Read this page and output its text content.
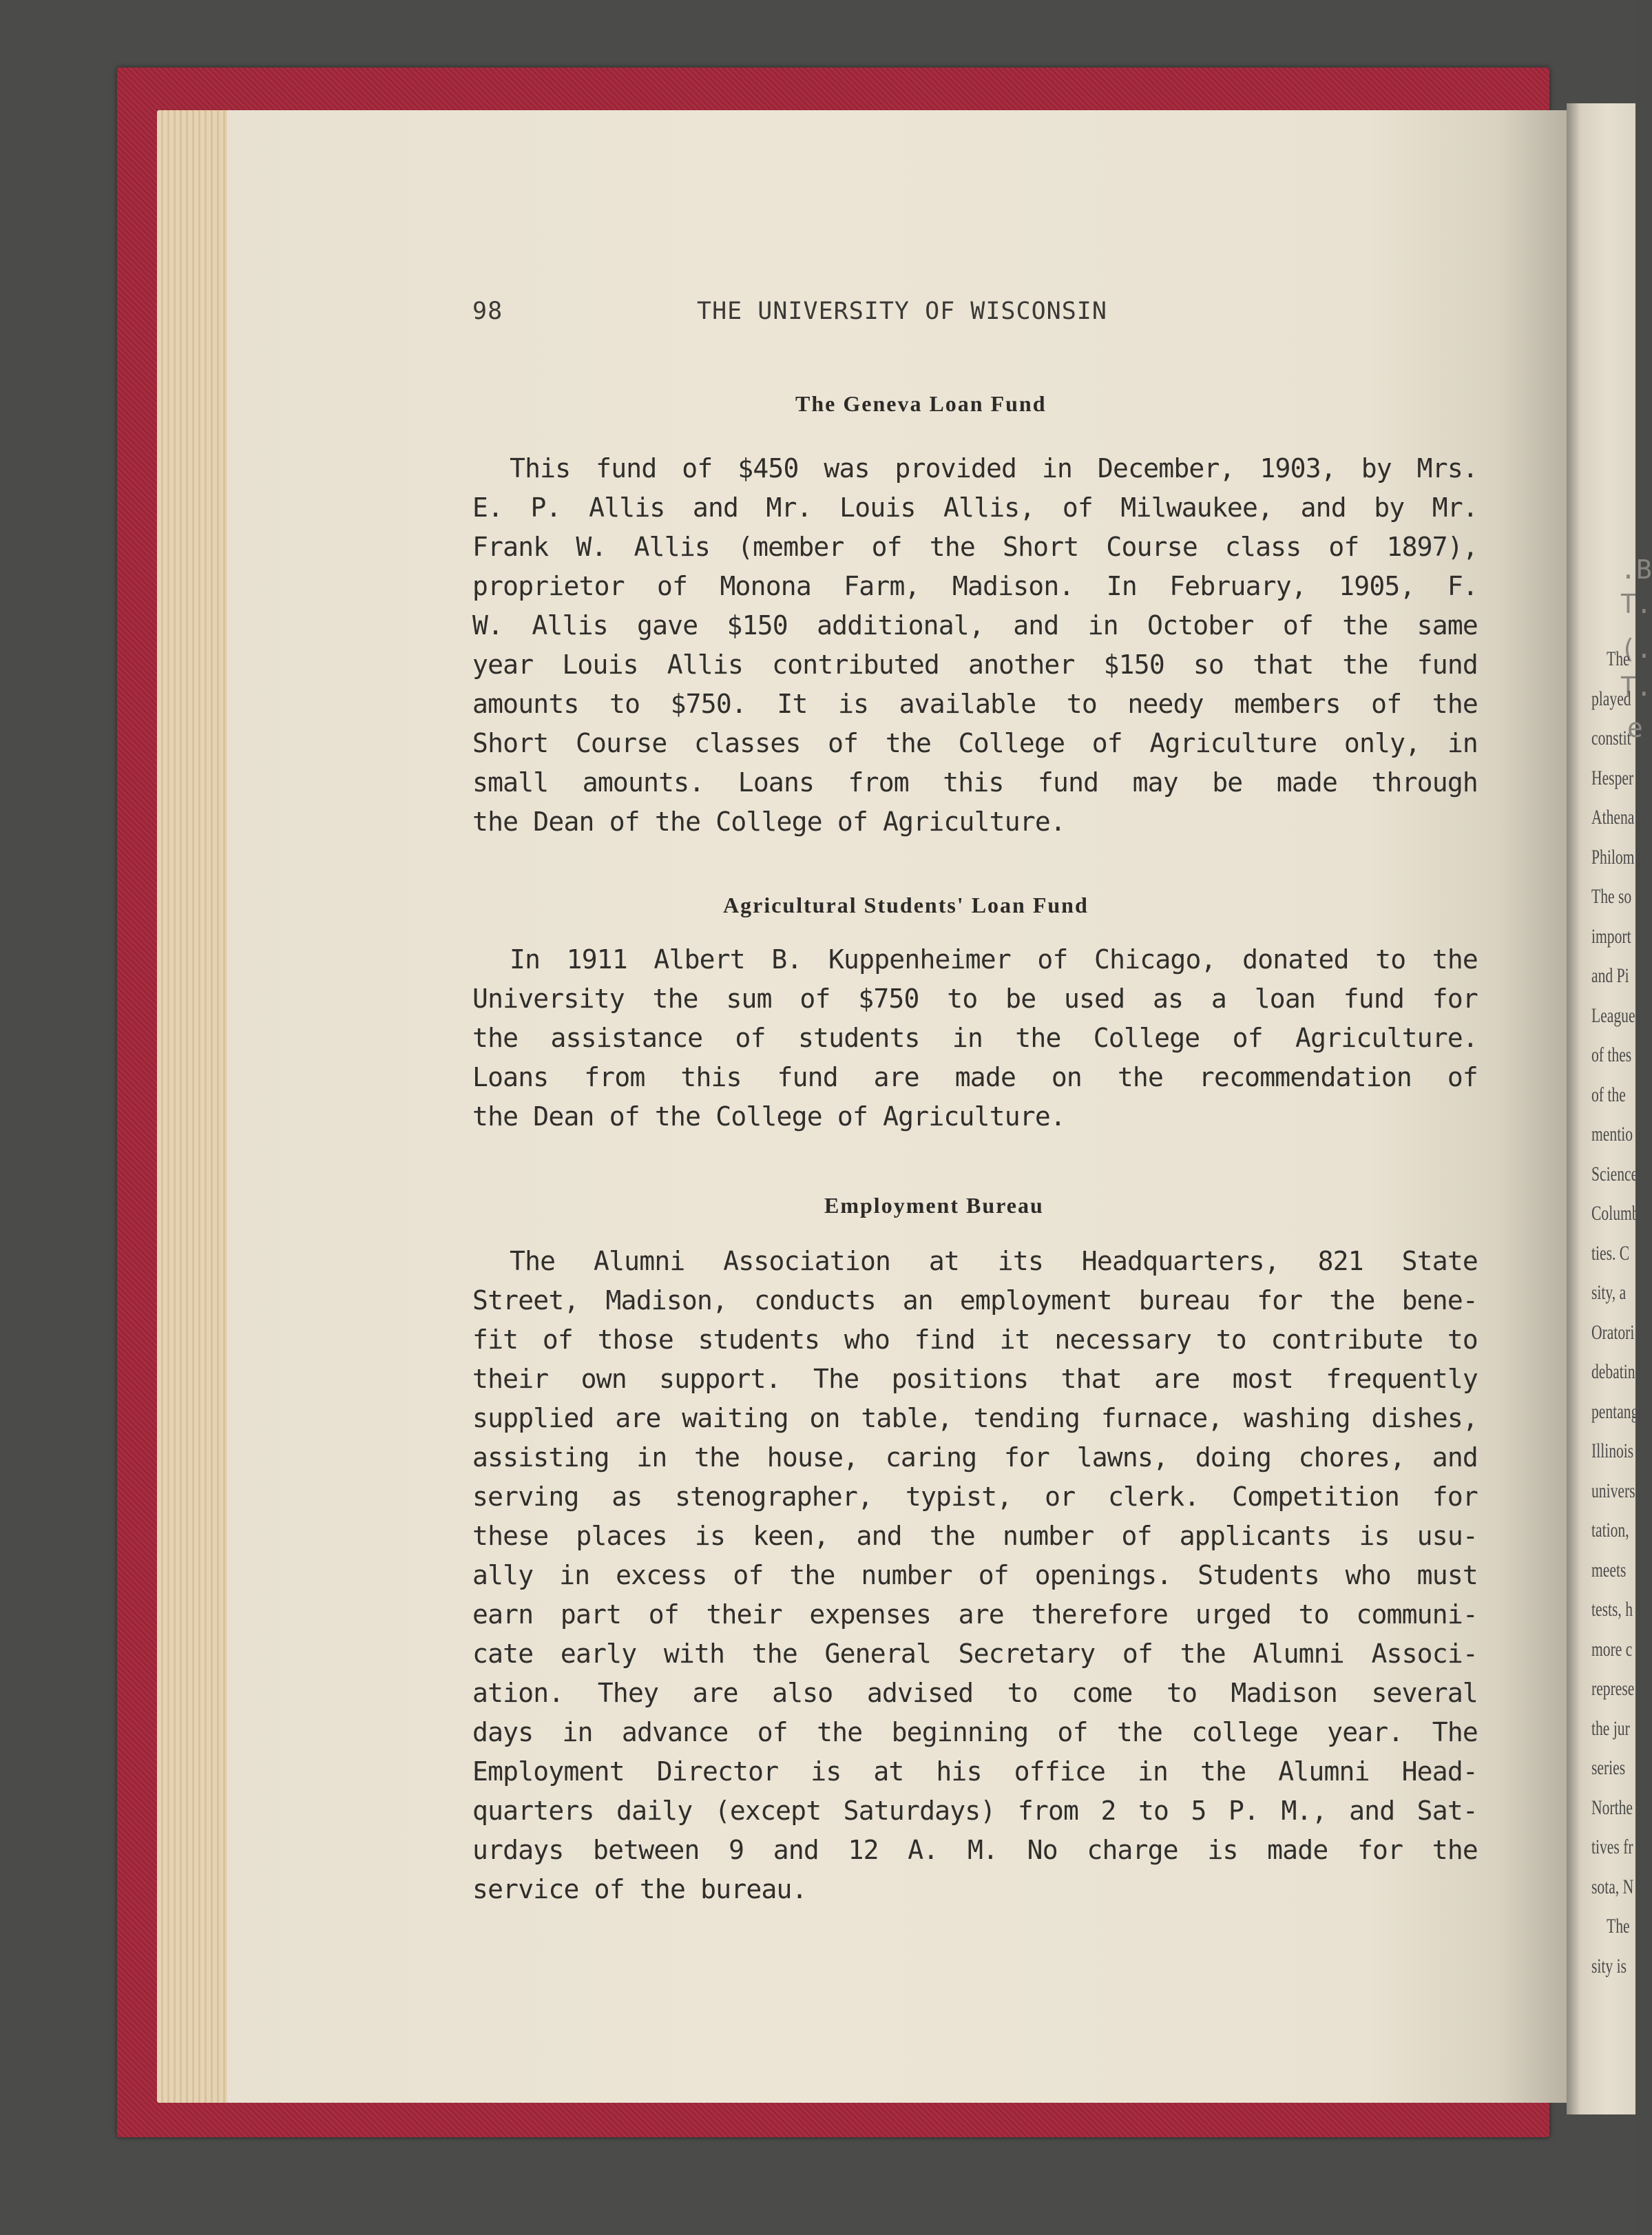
.B
T.
(.
T.
e
The
played
constit
Hesper
Athena
Philom
The so
import
and Pi
League
of thes
of the
mentio
Science
Columb
ties. C
sity, a
Oratori
debatin
pentang
Illinois
univers
tation,
meets
tests, h
more c
represe
the jur
series
Northe
tives fr
sota, N
The
sity is
98	THE UNIVERSITY OF WISCONSIN
The Geneva Loan Fund
This fund of $450 was provided in December, 1903, by Mrs.
E. P. Allis and Mr. Louis Allis, of Milwaukee, and by Mr.
Frank W. Allis (member of the Short Course class of 1897),
proprietor of Monona Farm, Madison. In February, 1905, F.
W. Allis gave $150 additional, and in October of the same
year Louis Allis contributed another $150 so that the fund
amounts to $750. It is available to needy members of the
Short Course classes of the College of Agriculture only, in
small amounts. Loans from this fund may be made through
the Dean of the College of Agriculture.
Agricultural Students' Loan Fund
In 1911 Albert B. Kuppenheimer of Chicago, donated to the
University the sum of $750 to be used as a loan fund for
the assistance of students in the College of Agriculture.
Loans from this fund are made on the recommendation of
the Dean of the College of Agriculture.
Employment Bureau
The Alumni Association at its Headquarters, 821 State
Street, Madison, conducts an employment bureau for the bene-
fit of those students who find it necessary to contribute to
their own support. The positions that are most frequently
supplied are waiting on table, tending furnace, washing dishes,
assisting in the house, caring for lawns, doing chores, and
serving as stenographer, typist, or clerk. Competition for
these places is keen, and the number of applicants is usu-
ally in excess of the number of openings. Students who must
earn part of their expenses are therefore urged to communi-
cate early with the General Secretary of the Alumni Associ-
ation. They are also advised to come to Madison several
days in advance of the beginning of the college year. The
Employment Director is at his office in the Alumni Head-
quarters daily (except Saturdays) from 2 to 5 P. M., and Sat-
urdays between 9 and 12 A. M. No charge is made for the
service of the bureau.
